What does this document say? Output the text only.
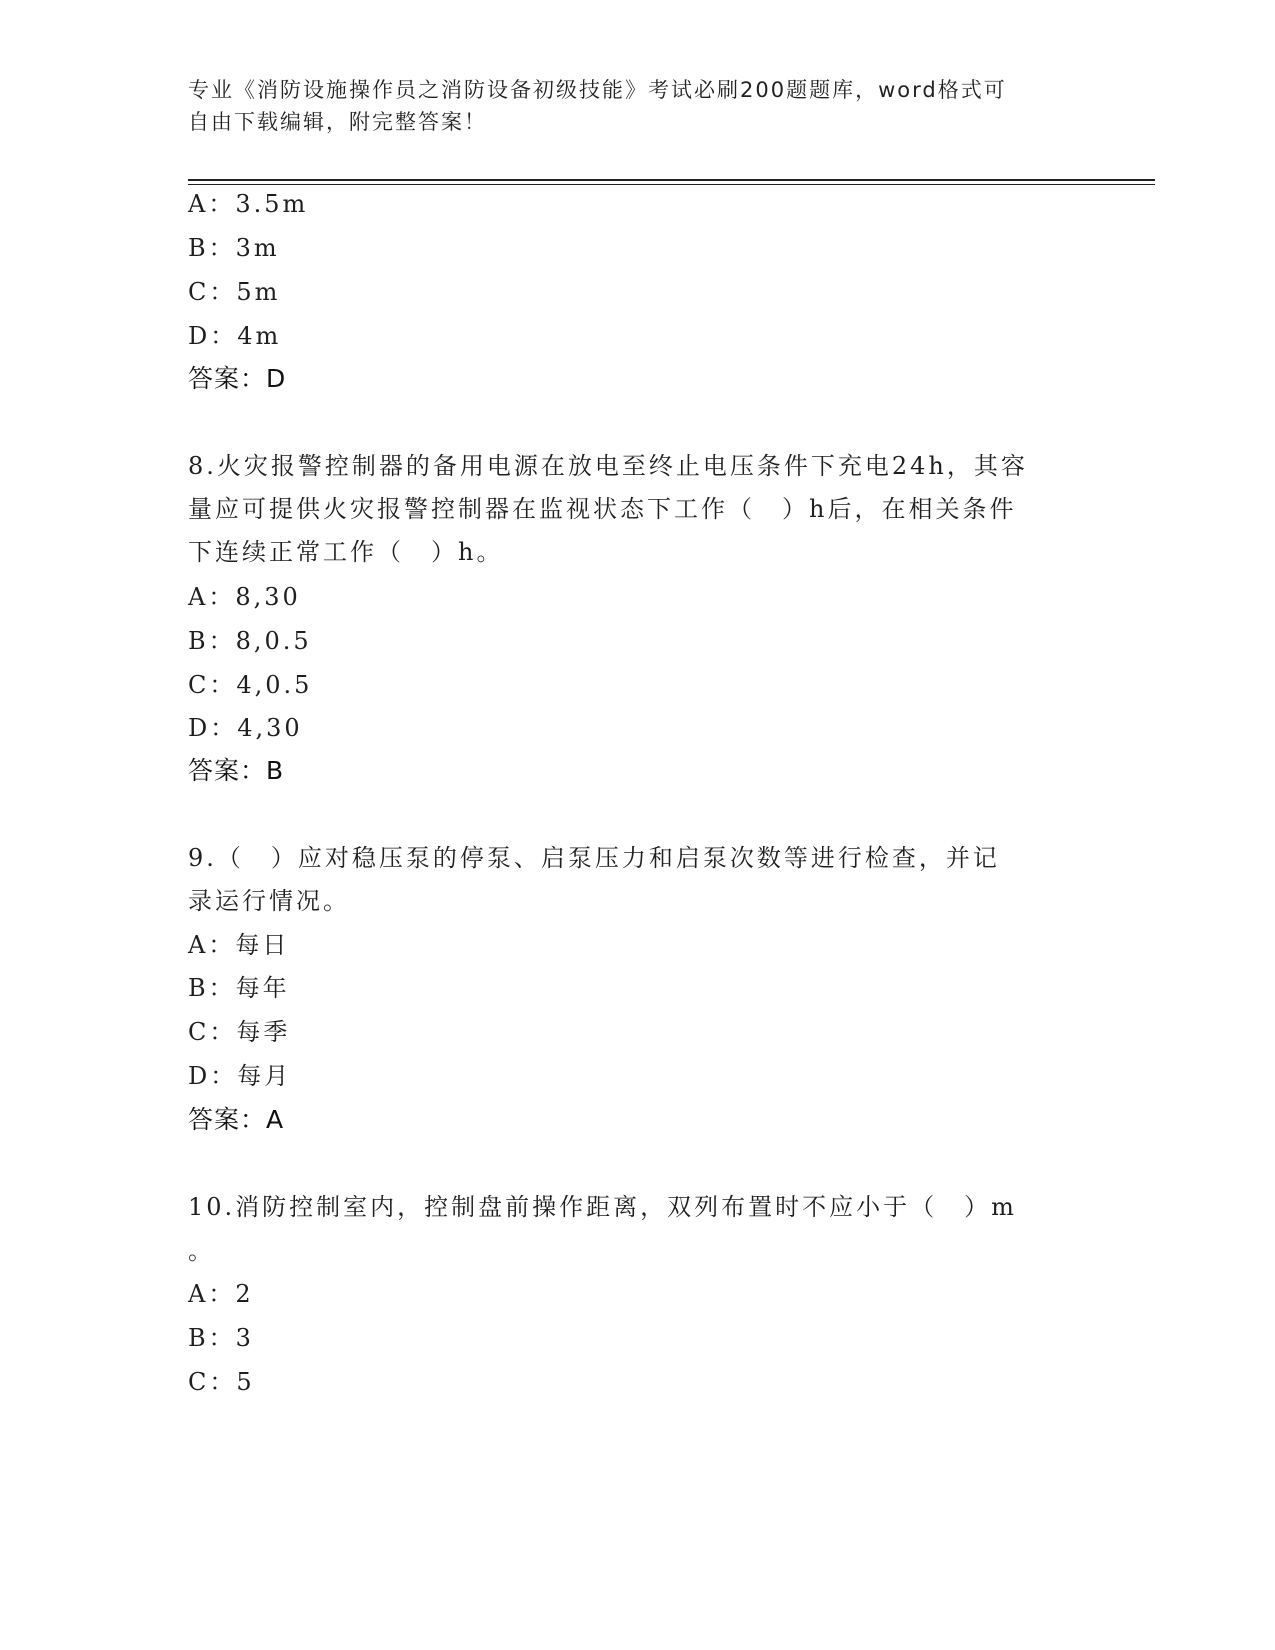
专业《消防设施操作员之消防设备初级技能》考试必刷200题题库，word格式可
自由下载编辑，附完整答案！
A：3.5m
B：3m
C：5m
D：4m
答案：D
8.火灾报警控制器的备用电源在放电至终止电压条件下充电24h，其容
量应可提供火灾报警控制器在监视状态下工作（　）h后，在相关条件
下连续正常工作（　）h。
A：8,30
B：8,0.5
C：4,0.5
D：4,30
答案：B
9.（　）应对稳压泵的停泵、启泵压力和启泵次数等进行检查，并记
录运行情况。
A：每日
B：每年
C：每季
D：每月
答案：A
10.消防控制室内，控制盘前操作距离，双列布置时不应小于（　）m
。
A：2
B：3
C：5
